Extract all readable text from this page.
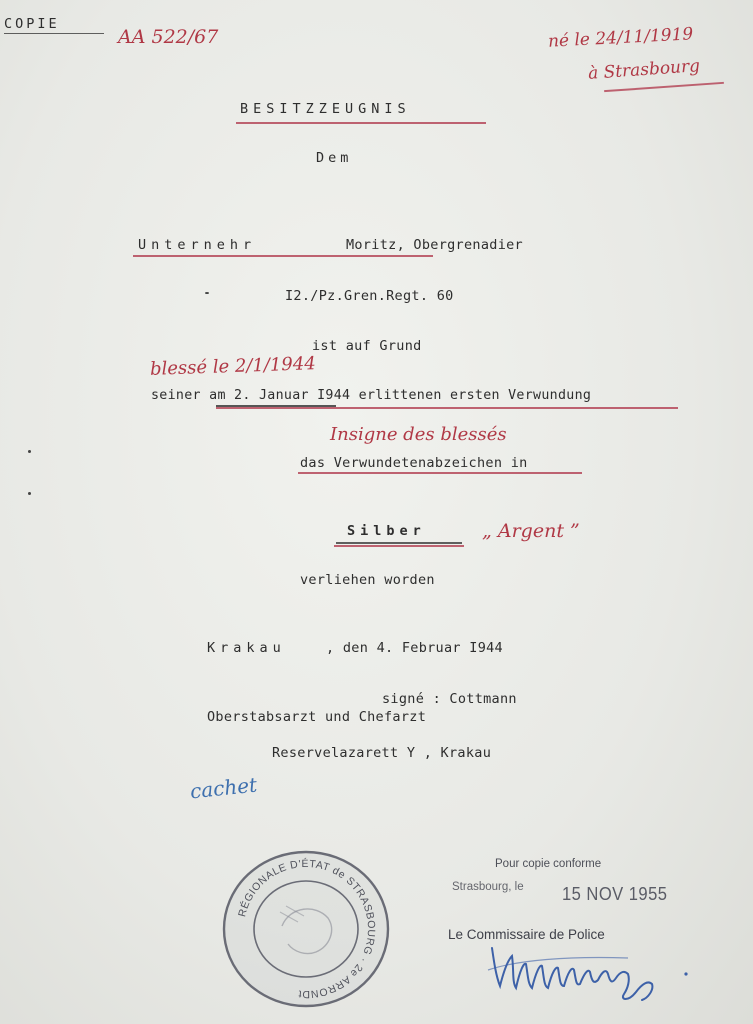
COPIE
AA 522/67	né le 24/11/1919
à Strasbourg
BESITZZEUGNIS
Dem
Unternehr	Moritz, Obergrenadier
I2./Pz.Gren.Regt. 60
ist auf Grund
blessé le 2/1/1944
seiner am 2. Januar I944 erlittenen ersten Verwundung
Insigne des blessés
das Verwundetenabzeichen in
Silber	„ Argent ”
verliehen worden
Krakau	, den 4. Februar I944
signé : Cottmann
Oberstabsarzt und Chefarzt
Reservelazarett Y , Krakau
cachet
RÉGIONALE D'ÉTAT de STRASBOURG · 2e ARRONDt
Pour copie conforme
Strasbourg, le 15 NOV 1955
Le Commissaire de Police
